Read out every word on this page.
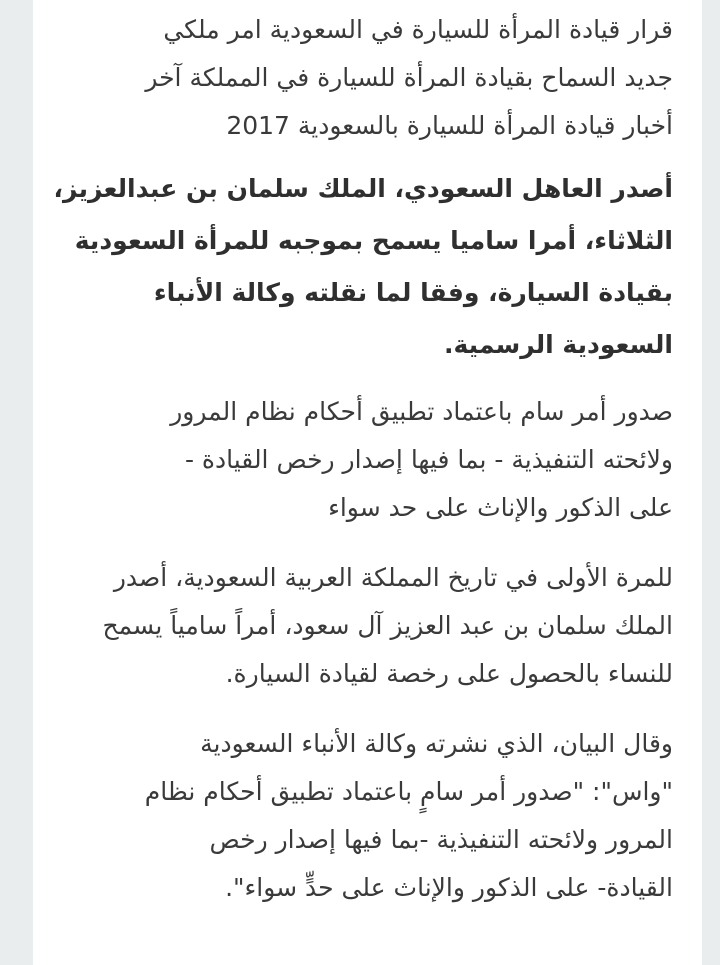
قرار قيادة المرأة للسيارة في السعودية امر ملكي
جديد السماح بقيادة المرأة للسيارة في المملكة آخر
أخبار قيادة المرأة للسيارة بالسعودية 2017

أصدر العاهل السعودي، الملك سلمان بن عبدالعزيز،
الثلاثاء، أمرا ساميا يسمح بموجبه للمرأة السعودية
بقيادة السيارة، وفقا لما نقلته وكالة الأنباء
السعودية الرسمية.

صدور أمر سام باعتماد تطبيق أحكام نظام المرور
ولائحته التنفيذية - بما فيها إصدار رخص القيادة -
على الذكور والإناث على حد سواء

للمرة الأولى في تاريخ المملكة العربية السعودية، أصدر
الملك سلمان بن عبد العزيز آل سعود، أمراً سامياً يسمح
للنساء بالحصول على رخصة لقيادة السيارة.

وقال البيان، الذي نشرته وكالة الأنباء السعودية
"واس": "صدور أمر سامٍ باعتماد تطبيق أحكام نظام
المرور ولائحته التنفيذية -بما فيها إصدار رخص
القيادة- على الذكور والإناث على حدٍّ سواء".
